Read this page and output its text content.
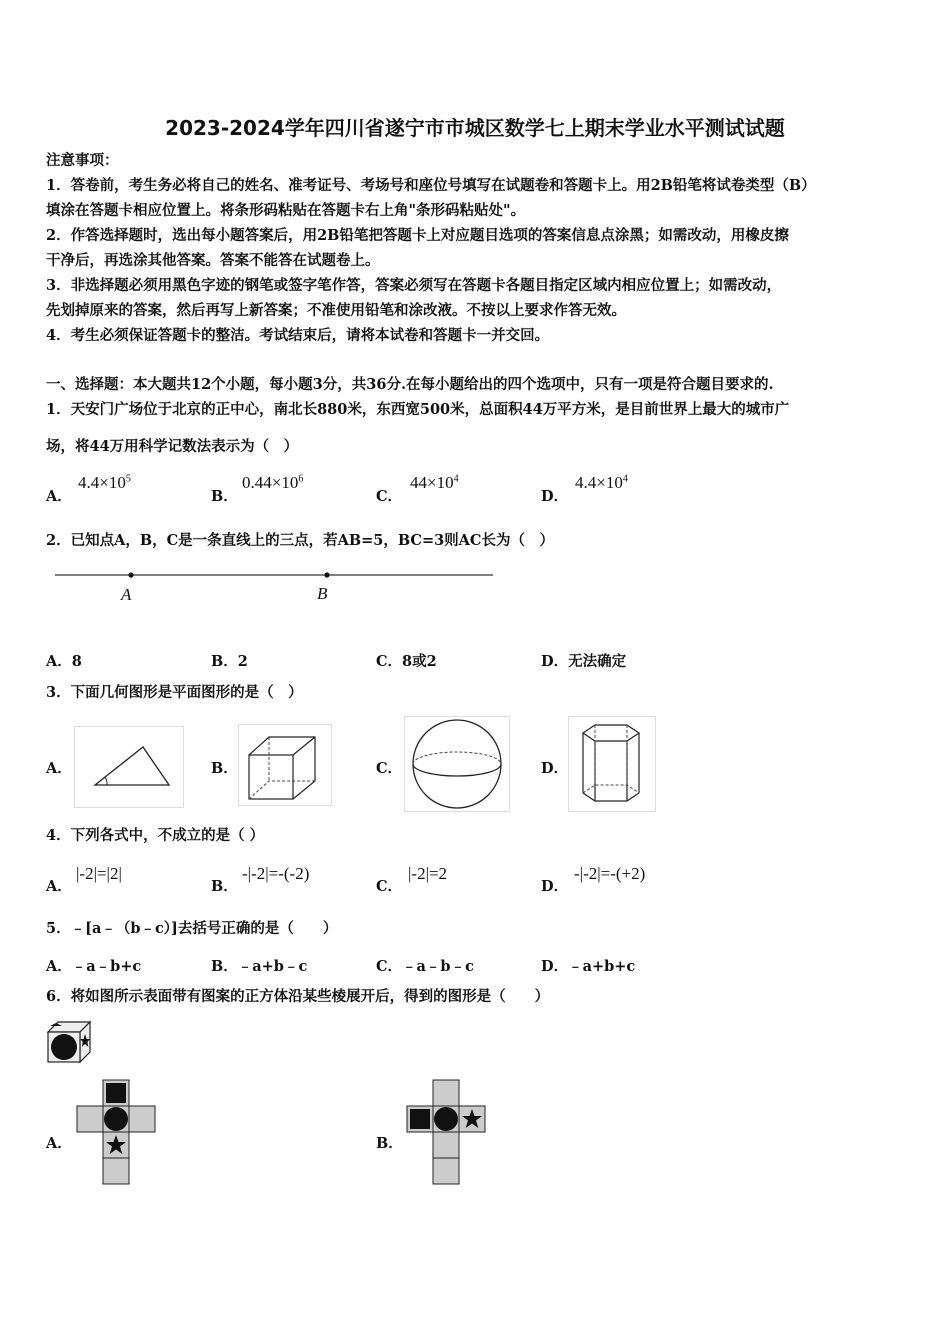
2023-2024学年四川省遂宁市市城区数学七上期末学业水平测试试题
注意事项：
1．答卷前，考生务必将自己的姓名、准考证号、考场号和座位号填写在试题卷和答题卡上。用2B铅笔将试卷类型（B）
填涂在答题卡相应位置上。将条形码粘贴在答题卡右上角"条形码粘贴处"。
2．作答选择题时，选出每小题答案后，用2B铅笔把答题卡上对应题目选项的答案信息点涂黑；如需改动，用橡皮擦
干净后，再选涂其他答案。答案不能答在试题卷上。
3．非选择题必须用黑色字迹的钢笔或签字笔作答，答案必须写在答题卡各题目指定区域内相应位置上；如需改动，
先划掉原来的答案，然后再写上新答案；不准使用铅笔和涂改液。不按以上要求作答无效。
4．考生必须保证答题卡的整洁。考试结束后，请将本试卷和答题卡一并交回。
一、选择题：本大题共12个小题，每小题3分，共36分.在每小题给出的四个选项中，只有一项是符合题目要求的.
1．天安门广场位于北京的正中心，南北长880米，东西宽500米，总面积44万平方米，是目前世界上最大的城市广
场，将44万用科学记数法表示为（　）
A．
$4.4\times 10^5$
B．
$0.44\times 10^6$
C．
$44\times 10^4$
D．
$4.4\times 10^4$
2．已知点A，B，C是一条直线上的三点，若AB=5，BC=3则AC长为（　）
A	B
A．8	B．2	C．8或2	D．无法确定
3．下面几何图形是平面图形的是（　）
A．	B．	C．	D．
4．下列各式中，不成立的是（ ）
A．
|-2|=|2|
B．
-|-2|=-(-2)
C．
|-2|=2
D．
-|-2|=-(+2)
5．﹣[a﹣（b﹣c）]去括号正确的是（　　）
A．﹣a﹣b+c	B．﹣a+b﹣c	C．﹣a﹣b﹣c	D．﹣a+b+c
6．将如图所示表面带有图案的正方体沿某些棱展开后，得到的图形是（　　）
A．	B．
